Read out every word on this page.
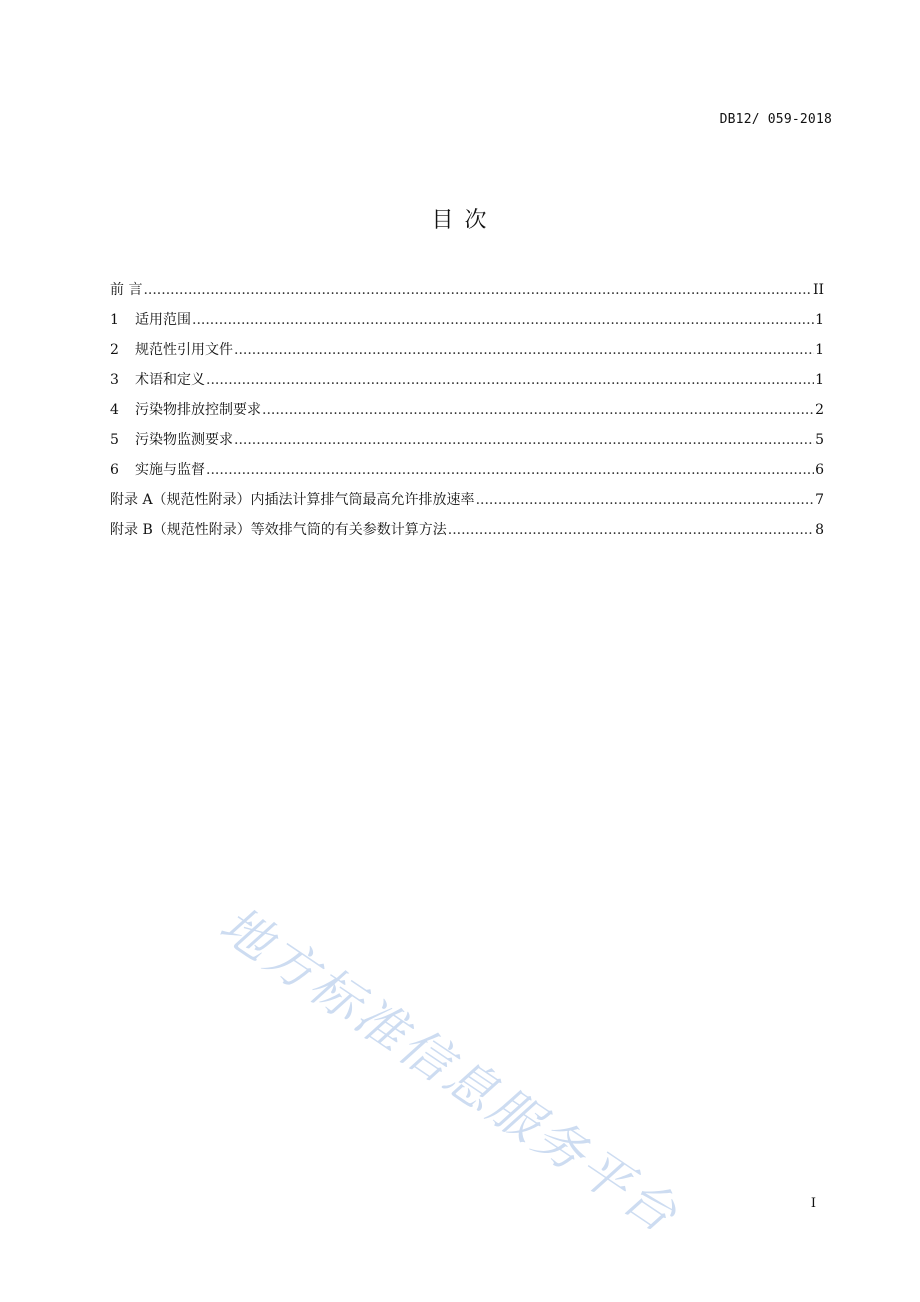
DB12/ 059-2018
目 次
前 言 .....	II
1	适用范围 .....	1
2	规范性引用文件 .....	1
3	术语和定义 .....	1
4	污染物排放控制要求 .....	2
5	污染物监测要求 .....	5
6	实施与监督 .....	6
附录 A（规范性附录）内插法计算排气筒最高允许排放速率 .....	7
附录 B（规范性附录）等效排气筒的有关参数计算方法 .....	8
地方标准信息服务平台	I
